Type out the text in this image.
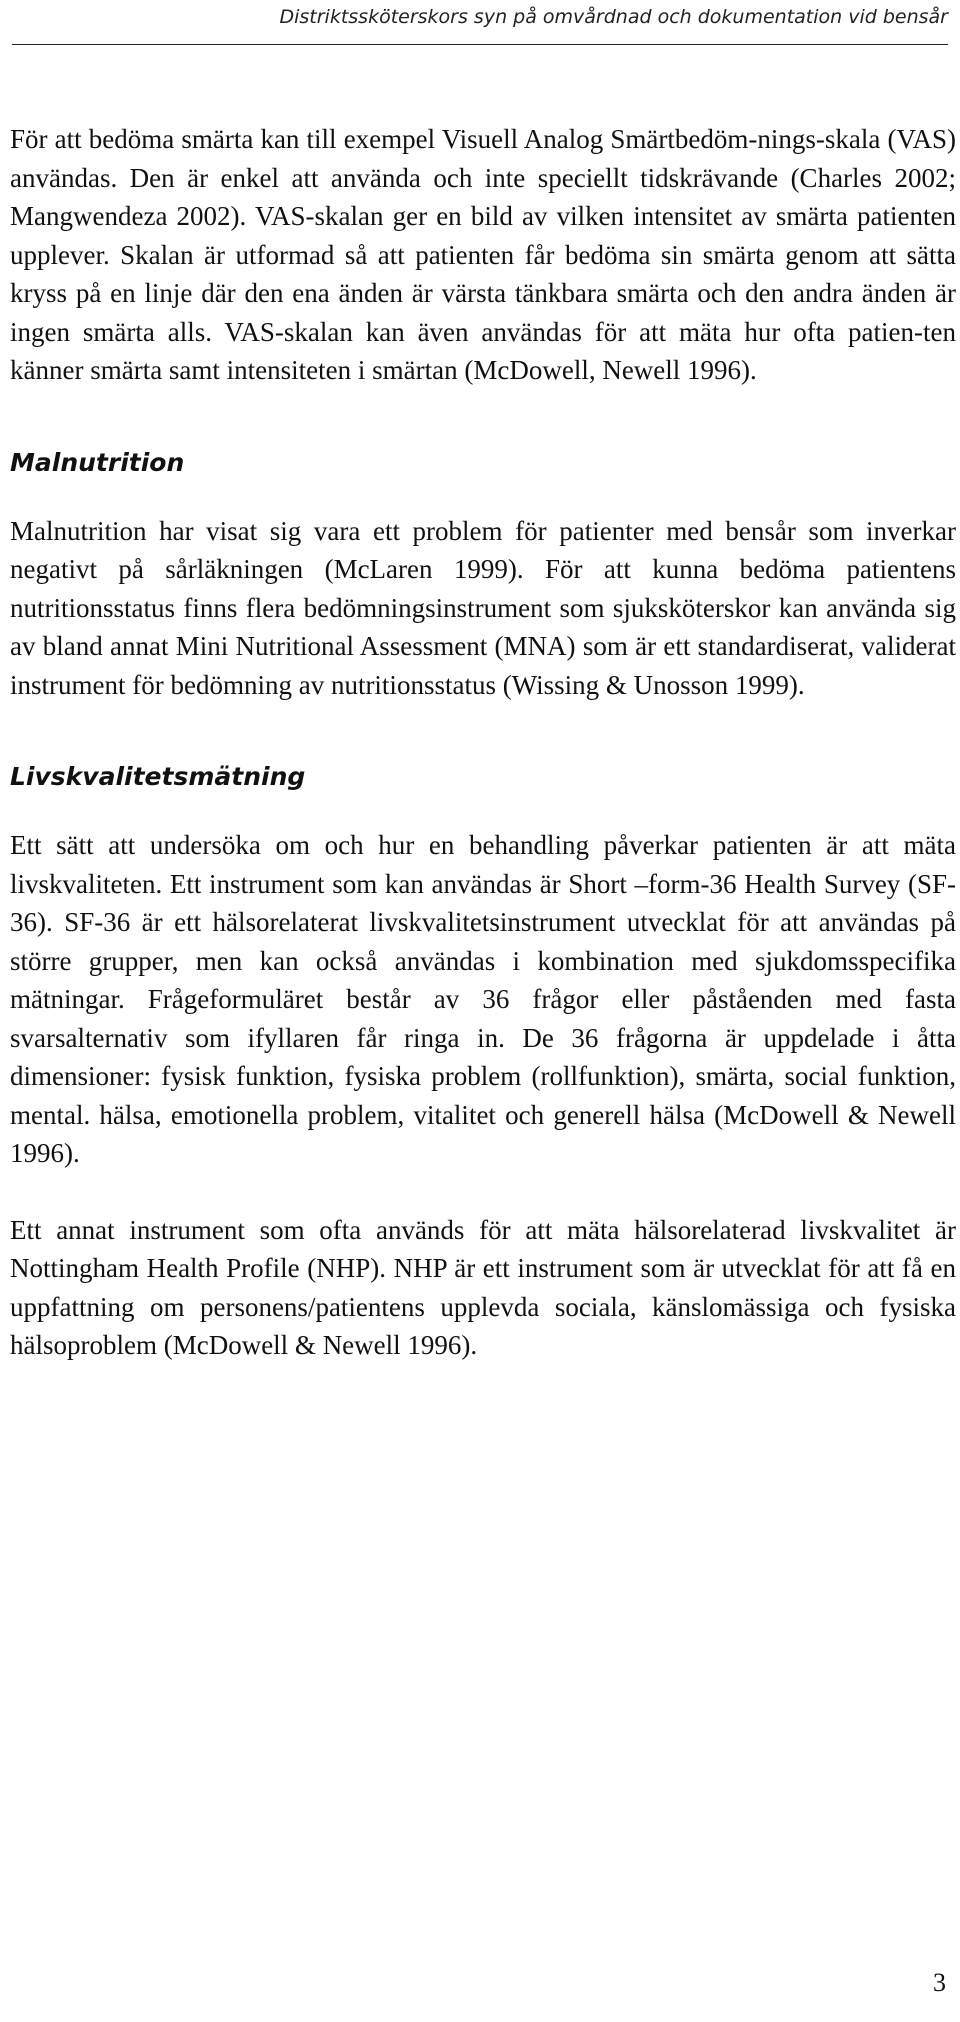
Distriktssköterskors syn på omvårdnad och dokumentation vid bensår

För att bedöma smärta kan till exempel Visuell Analog Smärtbedöm-nings-skala (VAS) användas. Den är enkel att använda och inte speciellt tidskrävande (Charles 2002; Mangwendeza 2002). VAS-skalan ger en bild av vilken intensitet av smärta patienten upplever. Skalan är utformad så att patienten får bedöma sin smärta genom att sätta kryss på en linje där den ena änden är värsta tänkbara smärta och den andra änden är ingen smärta alls. VAS-skalan kan även användas för att mäta hur ofta patien-ten känner smärta samt intensiteten i smärtan (McDowell, Newell 1996).

Malnutrition

Malnutrition har visat sig vara ett problem för patienter med bensår som inverkar negativt på sårläkningen (McLaren 1999). För att kunna bedöma patientens nutritionsstatus finns flera bedömningsinstrument som sjuksköterskor kan använda sig av bland annat Mini Nutritional Assessment (MNA) som är ett standardiserat, validerat instrument för bedömning av nutritionsstatus (Wissing & Unosson 1999).

Livskvalitetsmätning

Ett sätt att undersöka om och hur en behandling påverkar patienten är att mäta livskvaliteten. Ett instrument som kan användas är Short –form-36 Health Survey (SF-36). SF-36 är ett hälsorelaterat livskvalitetsinstrument utvecklat för att användas på större grupper, men kan också användas i kombination med sjukdomsspecifika mätningar. Frågeformuläret består av 36 frågor eller påståenden med fasta svarsalternativ som ifyllaren får ringa in. De 36 frågorna är uppdelade i åtta dimensioner: fysisk funktion, fysiska problem (rollfunktion), smärta, social funktion, mental. hälsa, emotionella problem, vitalitet och generell hälsa (McDowell & Newell 1996).

Ett annat instrument som ofta används för att mäta hälsorelaterad livskvalitet är Nottingham Health Profile (NHP). NHP är ett instrument som är utvecklat för att få en uppfattning om personens/patientens upplevda sociala, känslomässiga och fysiska hälsoproblem (McDowell & Newell 1996).

3
